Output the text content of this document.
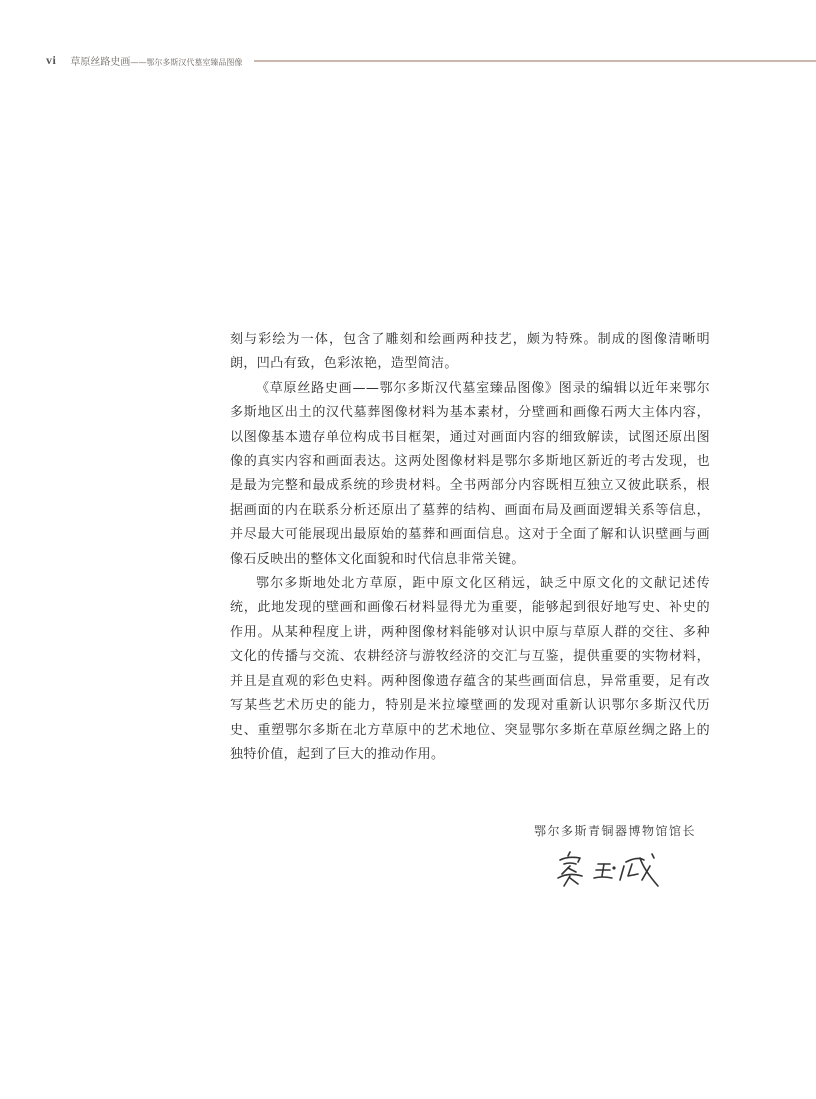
vi 草原丝路史画——鄂尔多斯汉代墓室臻品图像

刻与彩绘为一体，包含了雕刻和绘画两种技艺，颇为特殊。制成的图像清晰明朗，凹凸有致，色彩浓艳，造型简洁。

《草原丝路史画——鄂尔多斯汉代墓室臻品图像》图录的编辑以近年来鄂尔多斯地区出土的汉代墓葬图像材料为基本素材，分壁画和画像石两大主体内容，以图像基本遗存单位构成书目框架，通过对画面内容的细致解读，试图还原出图像的真实内容和画面表达。这两处图像材料是鄂尔多斯地区新近的考古发现，也是最为完整和最成系统的珍贵材料。全书两部分内容既相互独立又彼此联系，根据画面的内在联系分析还原出了墓葬的结构、画面布局及画面逻辑关系等信息，并尽最大可能展现出最原始的墓葬和画面信息。这对于全面了解和认识壁画与画像石反映出的整体文化面貌和时代信息非常关键。

鄂尔多斯地处北方草原，距中原文化区稍远，缺乏中原文化的文献记述传统，此地发现的壁画和画像石材料显得尤为重要，能够起到很好地写史、补史的作用。从某种程度上讲，两种图像材料能够对认识中原与草原人群的交往、多种文化的传播与交流、农耕经济与游牧经济的交汇与互鉴，提供重要的实物材料，并且是直观的彩色史料。两种图像遗存蕴含的某些画面信息，异常重要，足有改写某些艺术历史的能力，特别是米拉壕壁画的发现对重新认识鄂尔多斯汉代历史、重塑鄂尔多斯在北方草原中的艺术地位、突显鄂尔多斯在草原丝绸之路上的独特价值，起到了巨大的推动作用。

鄂尔多斯青铜器博物馆馆长
